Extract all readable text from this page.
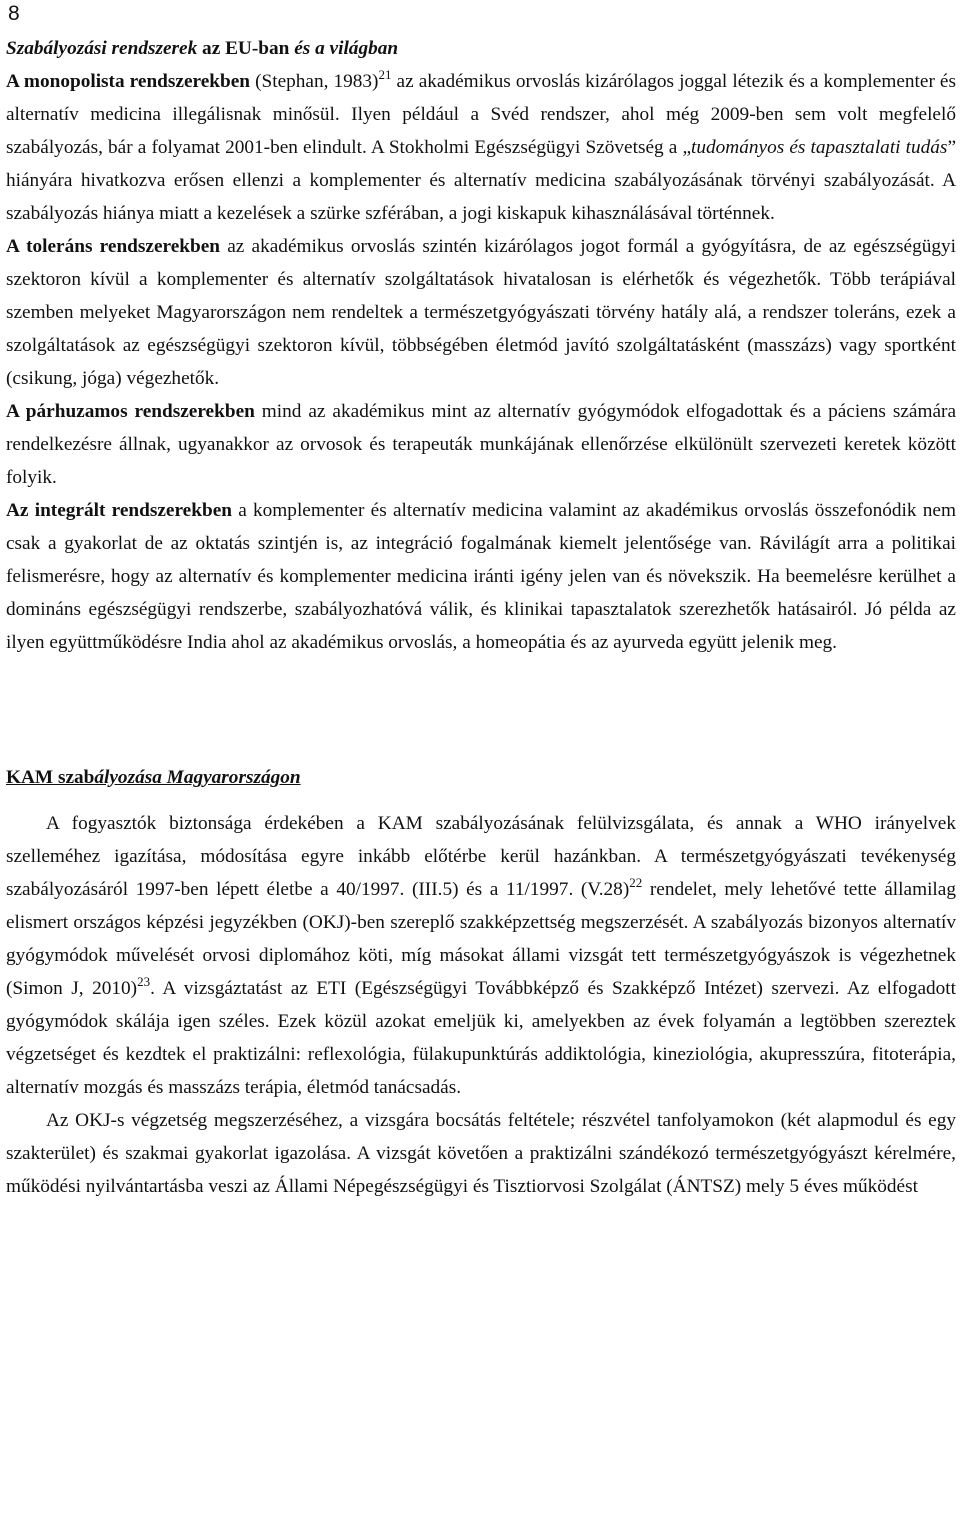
8

Szabályozási rendszerek az EU-ban és a világban

A monopolista rendszerekben (Stephan, 1983)$^{21}$ az akadémikus orvoslás kizárólagos joggal létezik és a komplementer és alternatív medicina illegálisnak minősül. Ilyen például a Svéd rendszer, ahol még 2009-ben sem volt megfelelő szabályozás, bár a folyamat 2001-ben elindult. A Stokholmi Egészségügyi Szövetség a „tudományos és tapasztalati tudás” hiányára hivatkozva erősen ellenzi a komplementer és alternatív medicina szabályozásának törvényi szabályozását. A szabályozás hiánya miatt a kezelések a szürke szférában, a jogi kiskapuk kihasználásával történnek.

A toleráns rendszerekben az akadémikus orvoslás szintén kizárólagos jogot formál a gyógyításra, de az egészségügyi szektoron kívül a komplementer és alternatív szolgáltatások hivatalosan is elérhetők és végezhetők. Több terápiával szemben melyeket Magyarországon nem rendeltek a természetgyógyászati törvény hatály alá, a rendszer toleráns, ezek a szolgáltatások az egészségügyi szektoron kívül, többségében életmód javító szolgáltatásként (masszázs) vagy sportként (csikung, jóga) végezhetők.

A párhuzamos rendszerekben mind az akadémikus mint az alternatív gyógymódok elfogadottak és a páciens számára rendelkezésre állnak, ugyanakkor az orvosok és terapeuták munkájának ellenőrzése elkülönült szervezeti keretek között folyik.

Az integrált rendszerekben a komplementer és alternatív medicina valamint az akadémikus orvoslás összefonódik nem csak a gyakorlat de az oktatás szintjén is, az integráció fogalmának kiemelt jelentősége van. Rávilágít arra a politikai felismerésre, hogy az alternatív és komplementer medicina iránti igény jelen van és növekszik. Ha beemelésre kerülhet a domináns egészségügyi rendszerbe, szabályozhatóvá válik, és klinikai tapasztalatok szerezhetők hatásairól. Jó példa az ilyen együttműködésre India ahol az akadémikus orvoslás, a homeopátia és az ayurveda együtt jelenik meg.

KAM szabályozása Magyarországon

A fogyasztók biztonsága érdekében a KAM szabályozásának felülvizsgálata, és annak a WHO irányelvek szelleméhez igazítása, módosítása egyre inkább előtérbe kerül hazánkban. A természetgyógyászati tevékenység szabályozásáról 1997-ben lépett életbe a 40/1997. (III.5) és a 11/1997. $(V.28)^{22}$ rendelet, mely lehetővé tette államilag elismert országos képzési jegyzékben (OKJ)-ben szereplő szakképzettség megszerzését. A szabályozás bizonyos alternatív gyógymódok művelését orvosi diplomához köti, míg másokat állami vizsgát tett természetgyógyászok is végezhetnek (Simon J, 2010)$^{23}$. A vizsgáztatást az ETI (Egészségügyi Továbbképző és Szakképző Intézet) szervezi. Az elfogadott gyógymódok skálája igen széles. Ezek közül azokat emeljük ki, amelyekben az évek folyamán a legtöbben szereztek végzetséget és kezdtek el praktizálni: reflexológia, fülakupunktúrás addiktológia, kineziológia, akupresszúra, fitoterápia, alternatív mozgás és masszázs terápia, életmód tanácsadás.

Az OKJ-s végzetség megszerzéséhez, a vizsgára bocsátás feltétele; részvétel tanfolyamokon (két alapmodul és egy szakterület) és szakmai gyakorlat igazolása. A vizsgát követően a praktizálni szándékozó természetgyógyászt kérelmére, működési nyilvántartásba veszi az Állami Népegészségügyi és Tisztiorvosi Szolgálat (ÁNTSZ) mely 5 éves működést
